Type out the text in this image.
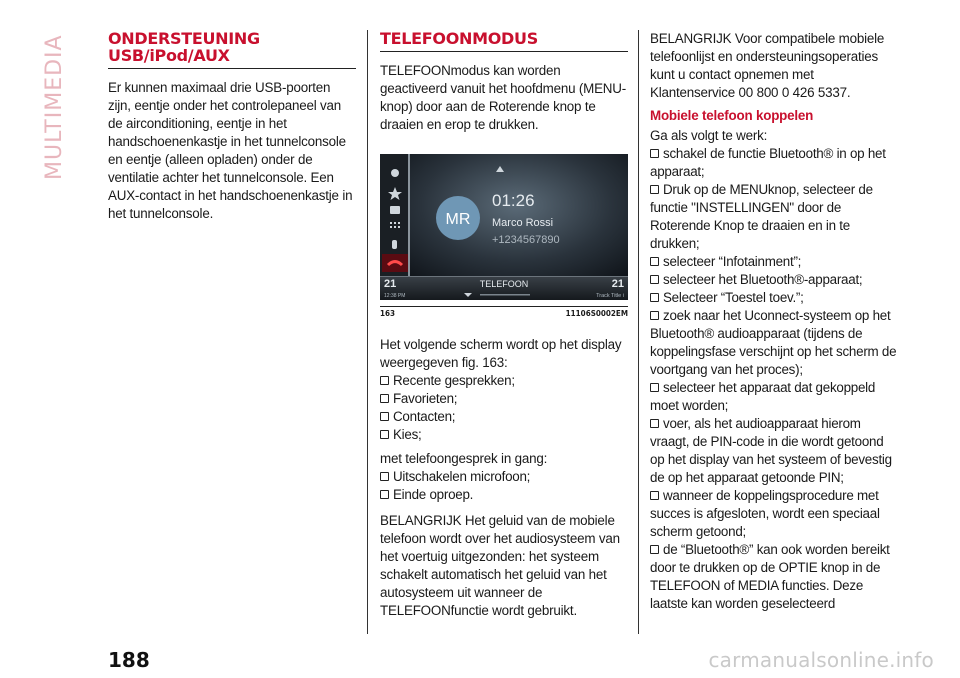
MULTIMEDIA	ONDERSTEUNING
USB/iPod/AUX

Er kunnen maximaal drie USB-poorten zijn, eentje onder het controlepaneel van de airconditioning, eentje in het handschoenenkastje in het tunnelconsole en eentje (alleen opladen) onder de ventilatie achter het tunnelconsole. Een AUX-contact in het handschoenenkastje in het tunnelconsole.

TELEFOONMODUS

TELEFOONmodus kan worden geactiveerd vanuit het hoofdmenu (MENU-knop) door aan de Roterende knop te draaien en erop te drukken.

MR
01:26
Marco Rossi
+1234567890
21	21
TELEFOON
12:38 PM	Track Title i
163	11106S0002EM

Het volgende scherm wordt op het display weergegeven fig. 163:

Recente gesprekken;
Favorieten;
Contacten;
Kies;

met telefoongesprek in gang:

Uitschakelen microfoon;
Einde oproep.

BELANGRIJK Het geluid van de mobiele telefoon wordt over het audiosysteem van het voertuig uitgezonden: het systeem schakelt automatisch het geluid van het autosysteem uit wanneer de TELEFOONfunctie wordt gebruikt.

BELANGRIJK Voor compatibele mobiele telefoonlijst en ondersteuningsoperaties kunt u contact opnemen met Klantenservice 00 800 0 426 5337.

Mobiele telefoon koppelen

Ga als volgt te werk:

schakel de functie Bluetooth® in op het apparaat;
Druk op de MENUknop, selecteer de functie "INSTELLINGEN" door de Roterende Knop te draaien en in te drukken;
selecteer “Infotainment”;
selecteer het Bluetooth®-apparaat;
Selecteer “Toestel toev.”;
zoek naar het Uconnect-systeem op het Bluetooth® audioapparaat (tijdens de koppelingsfase verschijnt op het scherm de voortgang van het proces);
selecteer het apparaat dat gekoppeld moet worden;
voer, als het audioapparaat hierom vraagt, de PIN-code in die wordt getoond op het display van het systeem of bevestig de op het apparaat getoonde PIN;
wanneer de koppelingsprocedure met succes is afgesloten, wordt een speciaal scherm getoond;
de “Bluetooth®” kan ook worden bereikt door te drukken op de OPTIE knop in de TELEFOON of MEDIA functies. Deze laatste kan worden geselecteerd
188	carmanualsonline.info
